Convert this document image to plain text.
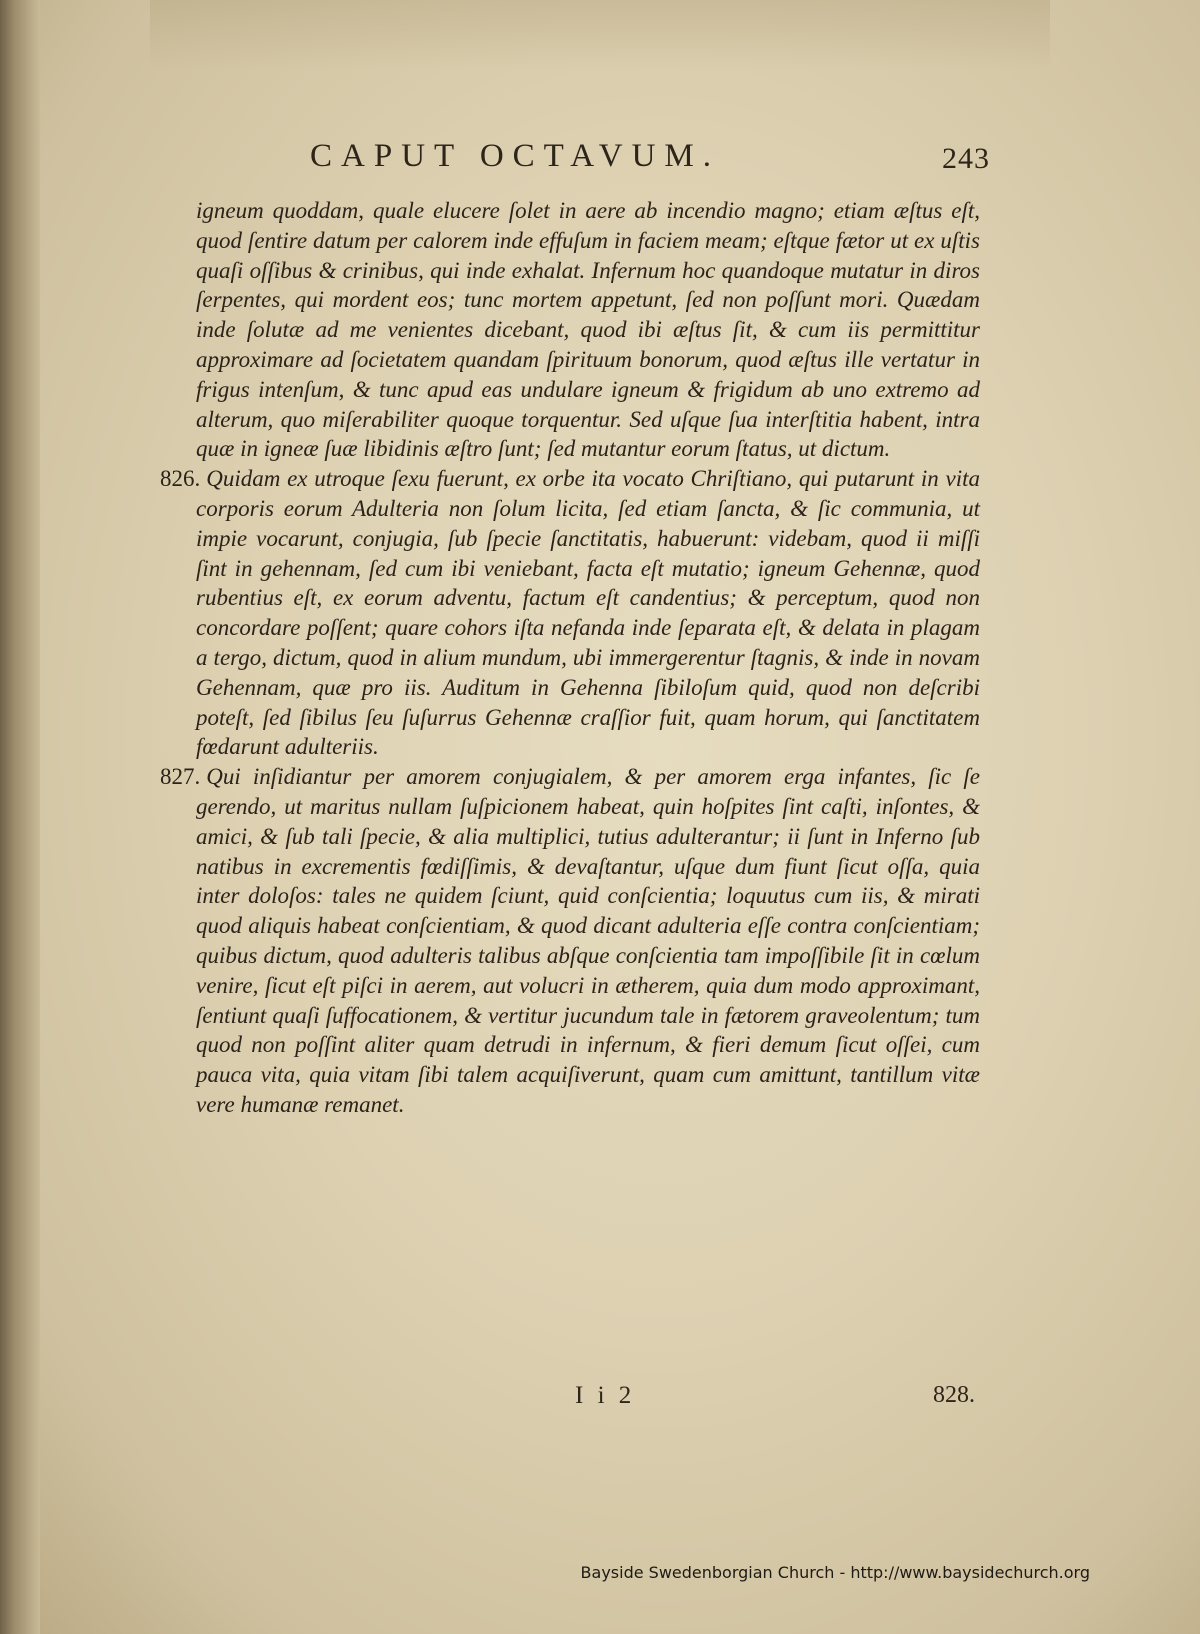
CAPUT OCTAVUM.	243

igneum quoddam, quale elucere ſolet in aere ab incendio magno; etiam æſtus eſt, quod ſentire datum per calorem inde effuſum in faciem meam; eſtque fætor ut ex uſtis quaſi oſſibus & crinibus, qui inde exhalat. Infernum hoc quandoque mutatur in diros ſerpentes, qui mordent eos; tunc mortem appetunt, ſed non poſſunt mori. Quædam inde ſolutæ ad me venientes dicebant, quod ibi æſtus ſit, & cum iis permittitur approximare ad ſocietatem quandam ſpirituum bonorum, quod æſtus ille vertatur in frigus intenſum, & tunc apud eas undulare igneum & frigidum ab uno extremo ad alterum, quo miſerabiliter quoque torquentur. Sed uſque ſua interſtitia habent, intra quæ in igneæ ſuæ libidinis æſtro ſunt; ſed mutantur eorum ſtatus, ut dictum.

826. Quidam ex utroque ſexu fuerunt, ex orbe ita vocato Chriſtiano, qui putarunt in vita corporis eorum Adulteria non ſolum licita, ſed etiam ſancta, & ſic communia, ut impie vocarunt, conjugia, ſub ſpecie ſanctitatis, habuerunt: videbam, quod ii miſſi ſint in gehennam, ſed cum ibi veniebant, facta eſt mutatio; igneum Gehennæ, quod rubentius eſt, ex eorum adventu, factum eſt candentius; & perceptum, quod non concordare poſſent; quare cohors iſta nefanda inde ſeparata eſt, & delata in plagam a tergo, dictum, quod in alium mundum, ubi immergerentur ſtagnis, & inde in novam Gehennam, quæ pro iis. Auditum in Gehenna ſibiloſum quid, quod non deſcribi poteſt, ſed ſibilus ſeu ſuſurrus Gehennæ craſſior fuit, quam horum, qui ſanctitatem fœdarunt adulteriis.

827. Qui inſidiantur per amorem conjugialem, & per amorem erga infantes, ſic ſe gerendo, ut maritus nullam ſuſpicionem habeat, quin hoſpites ſint caſti, inſontes, & amici, & ſub tali ſpecie, & alia multiplici, tutius adulterantur; ii ſunt in Inferno ſub natibus in excrementis fœdiſſimis, & devaſtantur, uſque dum fiunt ſicut oſſa, quia inter doloſos: tales ne quidem ſciunt, quid conſcientia; loquutus cum iis, & mirati quod aliquis habeat conſcientiam, & quod dicant adulteria eſſe contra conſcientiam; quibus dictum, quod adulteris talibus abſque conſcientia tam impoſſibile ſit in cœlum venire, ſicut eſt piſci in aerem, aut volucri in ætherem, quia dum modo approximant, ſentiunt quaſi ſuffocationem, & vertitur jucundum tale in fætorem graveolentum; tum quod non poſſint aliter quam detrudi in infernum, & fieri demum ſicut oſſei, cum pauca vita, quia vitam ſibi talem acquiſiverunt, quam cum amittunt, tantillum vitæ vere humanæ remanet.

I i 2	828.
Bayside Swedenborgian Church - http://www.baysidechurch.org
